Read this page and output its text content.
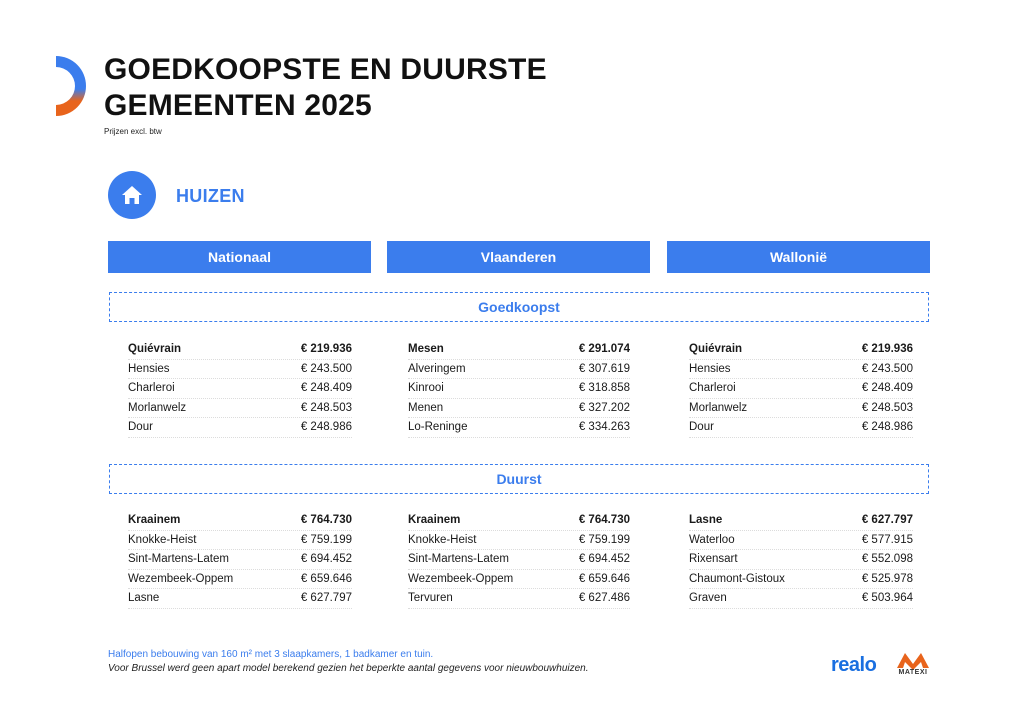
GOEDKOOPSTE EN DUURSTE
GEMEENTEN 2025
Prijzen excl. btw
HUIZEN
Nationaal	Vlaanderen	Wallonië
Goedkoopst
Duurst
Quiévrain	€ 219.936
Hensies	€ 243.500
Charleroi	€ 248.409
Morlanwelz	€ 248.503
Dour	€ 248.986
Mesen	€ 291.074
Alveringem	€ 307.619
Kinrooi	€ 318.858
Menen	€ 327.202
Lo-Reninge	€ 334.263
Quiévrain	€ 219.936
Hensies	€ 243.500
Charleroi	€ 248.409
Morlanwelz	€ 248.503
Dour	€ 248.986
Kraainem	€ 764.730
Knokke-Heist	€ 759.199
Sint-Martens-Latem	€ 694.452
Wezembeek-Oppem	€ 659.646
Lasne	€ 627.797
Kraainem	€ 764.730
Knokke-Heist	€ 759.199
Sint-Martens-Latem	€ 694.452
Wezembeek-Oppem	€ 659.646
Tervuren	€ 627.486
Lasne	€ 627.797
Waterloo	€ 577.915
Rixensart	€ 552.098
Chaumont-Gistoux	€ 525.978
Graven	€ 503.964
Halfopen bebouwing van 160 m² met 3 slaapkamers, 1 badkamer en tuin.
Voor Brussel werd geen apart model berekend gezien het beperkte aantal gegevens voor nieuwbouwhuizen.	realo	MATEXI
